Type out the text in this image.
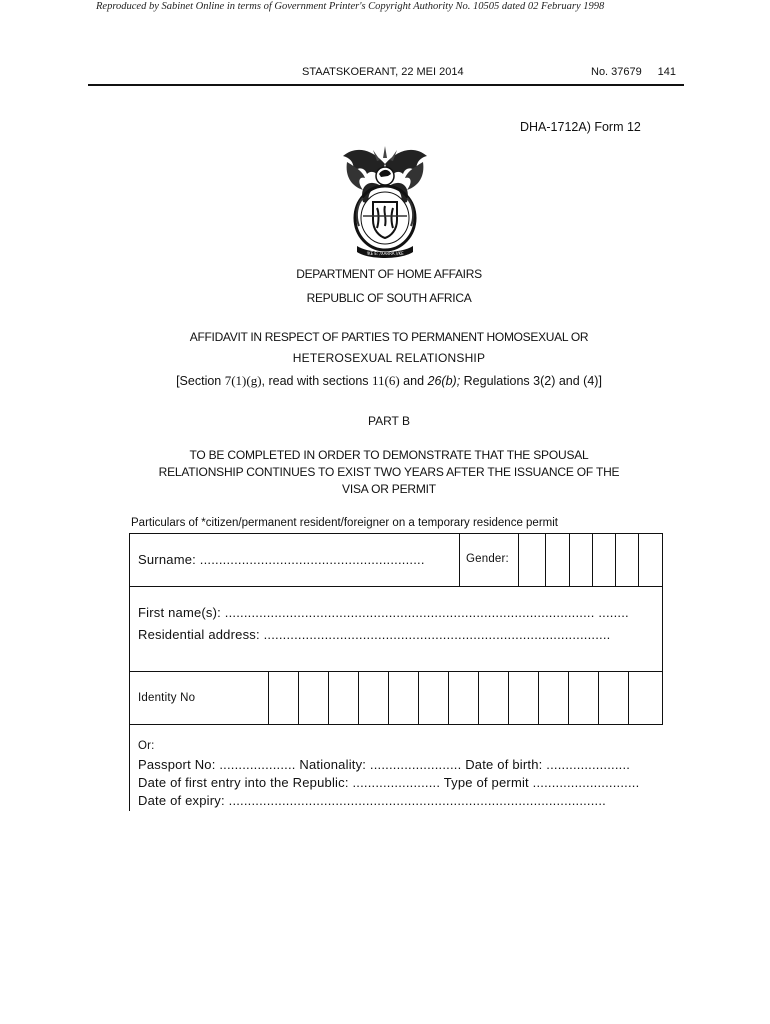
Reproduced by Sabinet Online in terms of Government Printer's Copyright Authority No. 10505 dated 02 February 1998
STAATSKOERANT, 22 MEI 2014	No. 37679 141
DHA-1712A) Form 12
!KE E: /XARRA //KE
DEPARTMENT OF HOME AFFAIRS
REPUBLIC OF SOUTH AFRICA
AFFIDAVIT IN RESPECT OF PARTIES TO PERMANENT HOMOSEXUAL OR
HETEROSEXUAL RELATIONSHIP
[Section 7(1)(g), read with sections 11(6) and 26(b); Regulations 3(2) and (4)]
PART B
TO BE COMPLETED IN ORDER TO DEMONSTRATE THAT THE SPOUSAL
RELATIONSHIP CONTINUES TO EXIST TWO YEARS AFTER THE ISSUANCE OF THE
VISA OR PERMIT
Particulars of *citizen/permanent resident/foreigner on a temporary residence permit
Surname: ...........................................................	Gender:
First name(s): ................................................................................................. ........
Residential address: ...........................................................................................
Identity No
Or:
Passport No: .................... Nationality: ........................ Date of birth: ......................
Date of first entry into the Republic: ....................... Type of permit ............................
Date of expiry: ...................................................................................................
